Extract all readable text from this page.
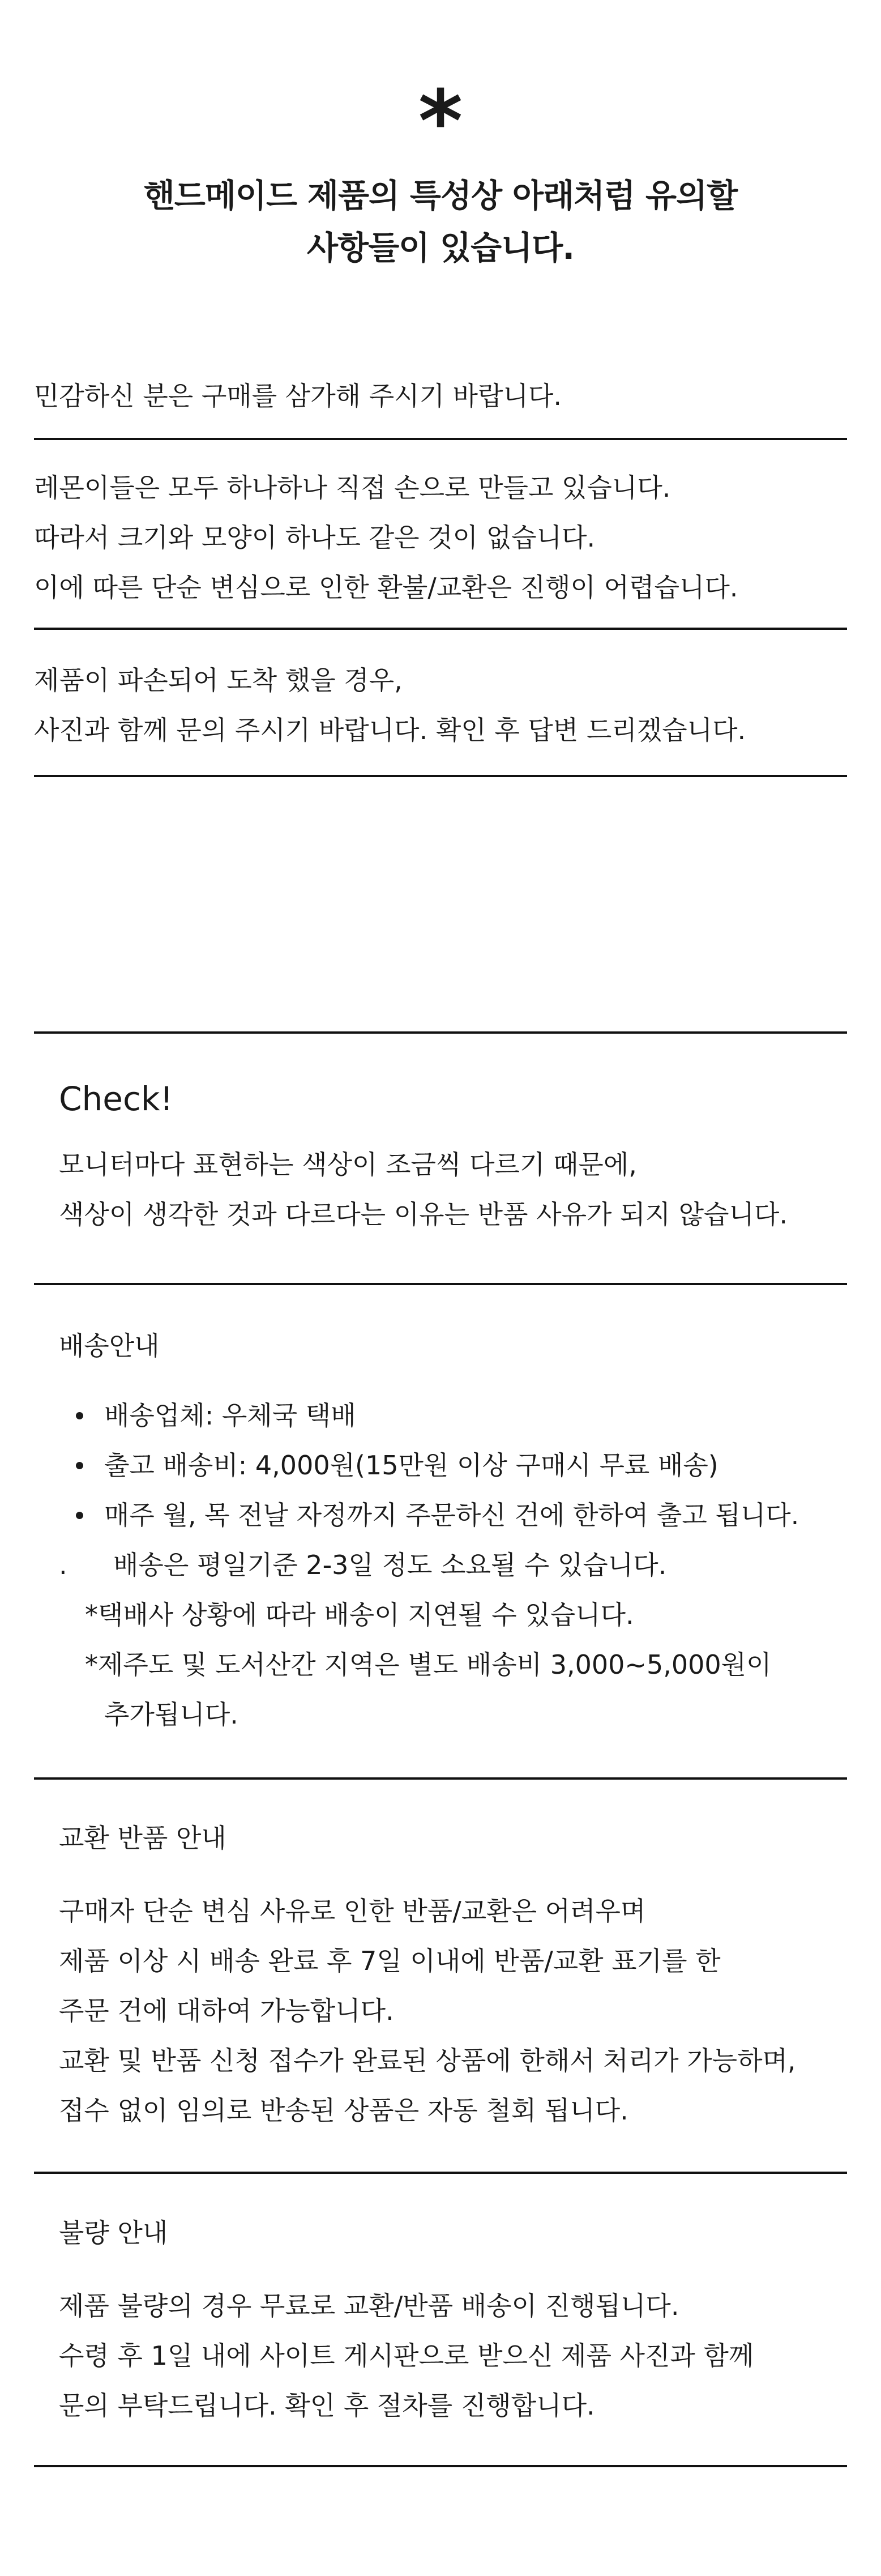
*
핸드메이드 제품의 특성상 아래처럼 유의할
사항들이 있습니다.
민감하신 분은 구매를 삼가해 주시기 바랍니다.
레몬이들은 모두 하나하나 직접 손으로 만들고 있습니다.
따라서 크기와 모양이 하나도 같은 것이 없습니다.
이에 따른 단순 변심으로 인한 환불/교환은 진행이 어렵습니다.
제품이 파손되어 도착 했을 경우,
사진과 함께 문의 주시기 바랍니다. 확인 후 답변 드리겠습니다.
Check!
모니터마다 표현하는 색상이 조금씩 다르기 때문에,
색상이 생각한 것과 다르다는 이유는 반품 사유가 되지 않습니다.
배송안내
배송업체: 우체국 택배
출고 배송비: 4,000원(15만원 이상 구매시 무료 배송)
매주 월, 목 전날 자정까지 주문하신 건에 한하여 출고 됩니다.
. 배송은 평일기준 2-3일 정도 소요될 수 있습니다.
*택배사 상황에 따라 배송이 지연될 수 있습니다.
*제주도 및 도서산간 지역은 별도 배송비 3,000~5,000원이
추가됩니다.
교환 반품 안내
구매자 단순 변심 사유로 인한 반품/교환은 어려우며
제품 이상 시 배송 완료 후 7일 이내에 반품/교환 표기를 한
주문 건에 대하여 가능합니다.
교환 및 반품 신청 접수가 완료된 상품에 한해서 처리가 가능하며,
접수 없이 임의로 반송된 상품은 자동 철회 됩니다.
불량 안내
제품 불량의 경우 무료로 교환/반품 배송이 진행됩니다.
수령 후 1일 내에 사이트 게시판으로 받으신 제품 사진과 함께
문의 부탁드립니다. 확인 후 절차를 진행합니다.
